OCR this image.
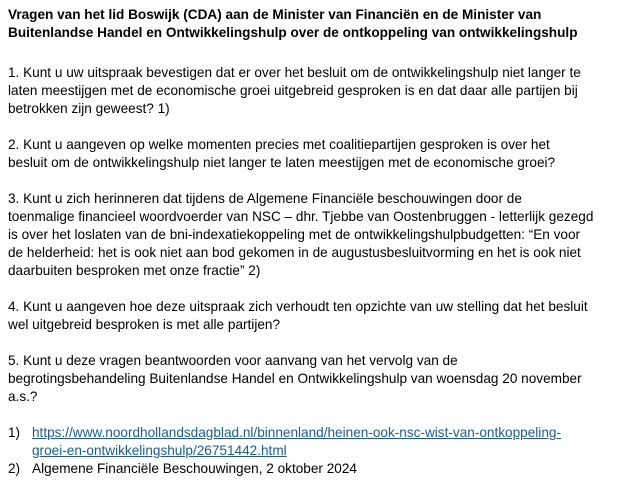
Vragen van het lid Boswijk (CDA) aan de Minister van Financiën en de Minister van
Buitenlandse Handel en Ontwikkelingshulp over de ontkoppeling van ontwikkelingshulp
1. Kunt u uw uitspraak bevestigen dat er over het besluit om de ontwikkelingshulp niet langer te
laten meestijgen met de economische groei uitgebreid gesproken is en dat daar alle partijen bij
betrokken zijn geweest? 1)
2. Kunt u aangeven op welke momenten precies met coalitiepartijen gesproken is over het
besluit om de ontwikkelingshulp niet langer te laten meestijgen met de economische groei?
3. Kunt u zich herinneren dat tijdens de Algemene Financiële beschouwingen door de
toenmalige financieel woordvoerder van NSC – dhr. Tjebbe van Oostenbruggen - letterlijk gezegd
is over het loslaten van de bni-indexatiekoppeling met de ontwikkelingshulpbudgetten: “En voor
de helderheid: het is ook niet aan bod gekomen in de augustusbesluitvorming en het is ook niet
daarbuiten besproken met onze fractie” 2)
4. Kunt u aangeven hoe deze uitspraak zich verhoudt ten opzichte van uw stelling dat het besluit
wel uitgebreid besproken is met alle partijen?
5. Kunt u deze vragen beantwoorden voor aanvang van het vervolg van de
begrotingsbehandeling Buitenlandse Handel en Ontwikkelingshulp van woensdag 20 november
a.s.?
1) https://www.noordhollandsdagblad.nl/binnenland/heinen-ook-nsc-wist-van-ontkoppeling-
groei-en-ontwikkelingshulp/26751442.html
2) Algemene Financiële Beschouwingen, 2 oktober 2024
